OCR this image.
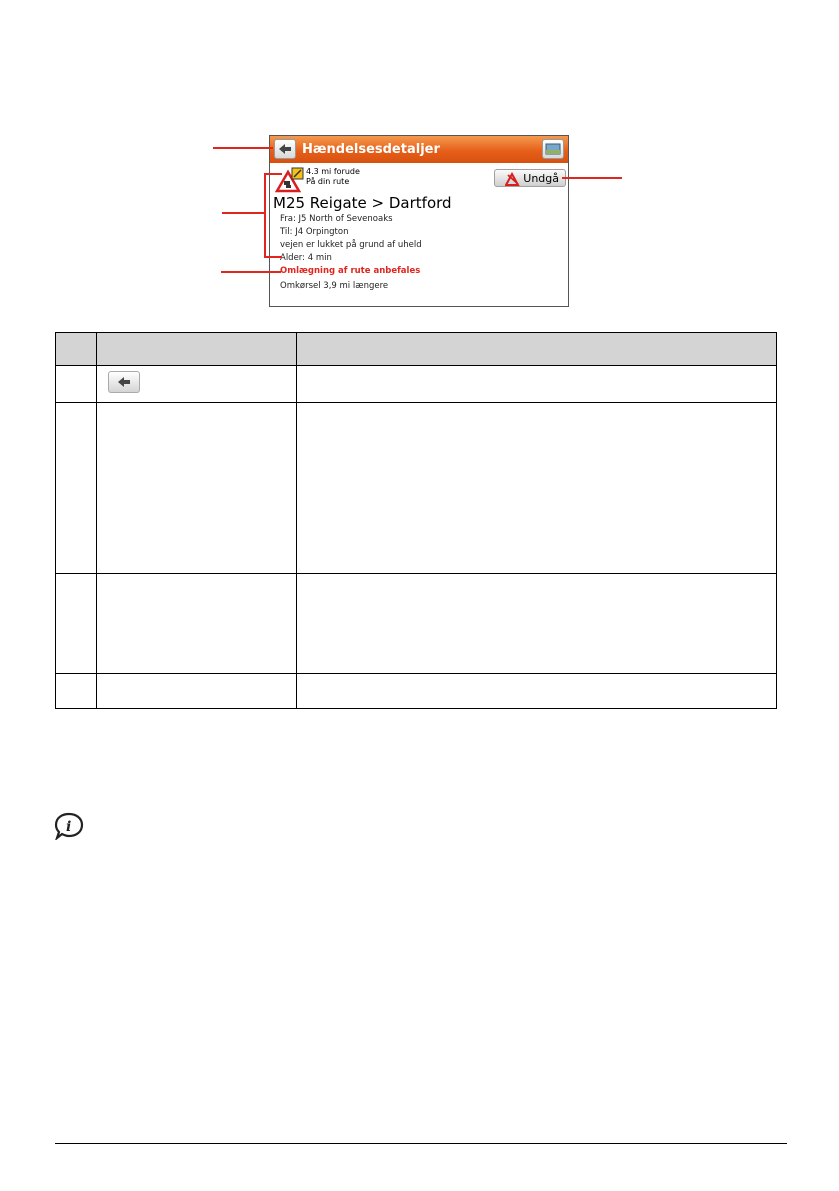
Hændelsesdetaljer
4.3 mi forude
På din rute	Undgå
M25 Reigate > Dartford
Fra: J5 North of Sevenoaks
Til: J4 Orpington
vejen er lukket på grund af uheld
Alder: 4 min
Omlægning af rute anbefales
Omkørsel 3,9 mi længere

i
